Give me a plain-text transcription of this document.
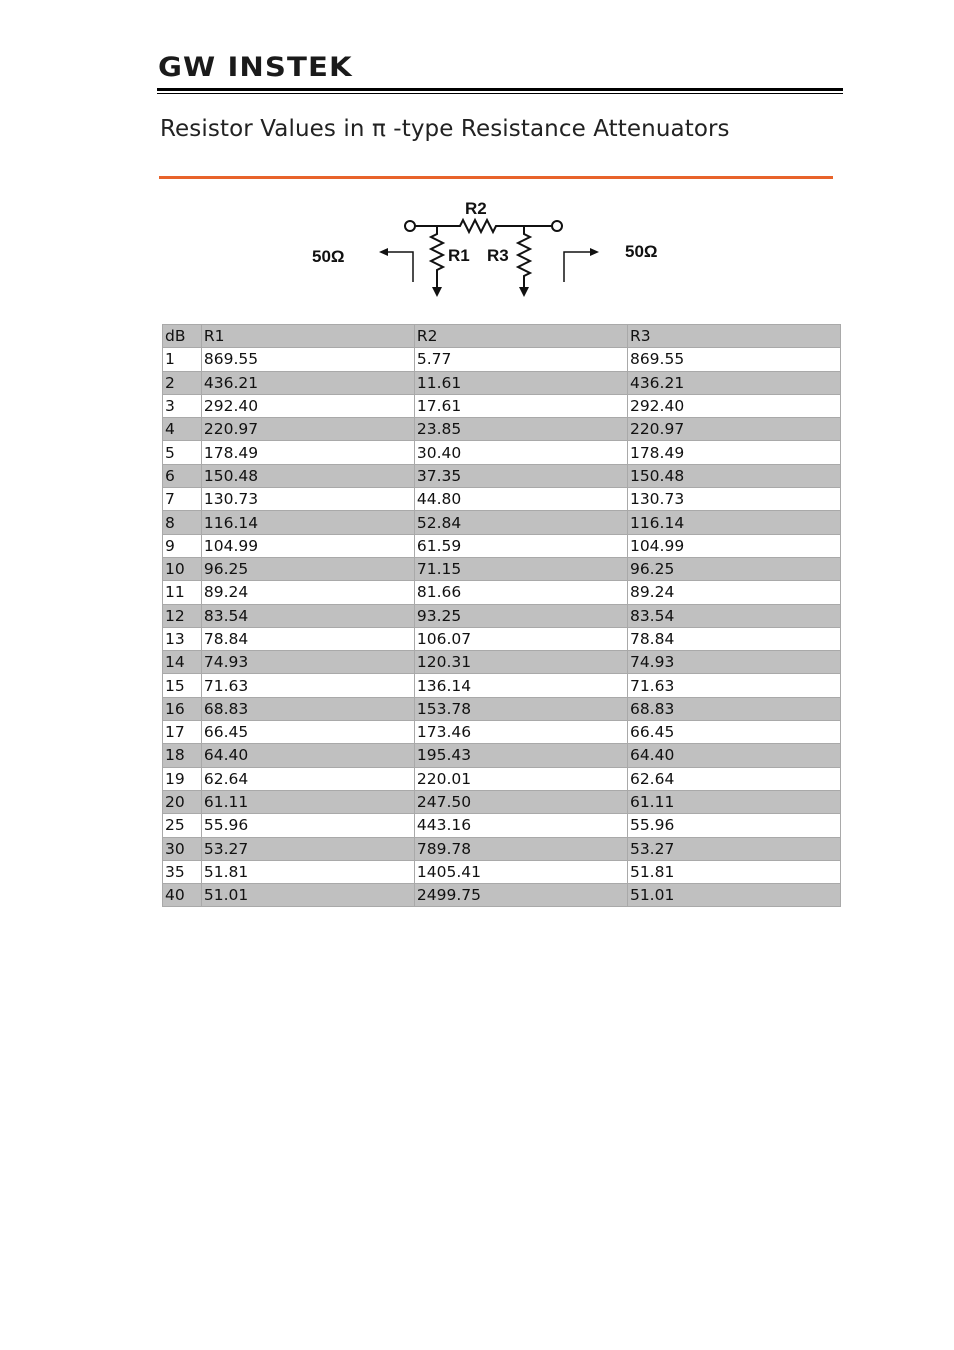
GW INSTEK
Resistor Values in π -type Resistance Attenuators
R2
R1 R3
50Ω	50Ω
dB	R1	R2	R3
1	869.55	5.77	869.55
2	436.21	11.61	436.21
3	292.40	17.61	292.40
4	220.97	23.85	220.97
5	178.49	30.40	178.49
6	150.48	37.35	150.48
7	130.73	44.80	130.73
8	116.14	52.84	116.14
9	104.99	61.59	104.99
10	96.25	71.15	96.25
11	89.24	81.66	89.24
12	83.54	93.25	83.54
13	78.84	106.07	78.84
14	74.93	120.31	74.93
15	71.63	136.14	71.63
16	68.83	153.78	68.83
17	66.45	173.46	66.45
18	64.40	195.43	64.40
19	62.64	220.01	62.64
20	61.11	247.50	61.11
25	55.96	443.16	55.96
30	53.27	789.78	53.27
35	51.81	1405.41	51.81
40	51.01	2499.75	51.01
